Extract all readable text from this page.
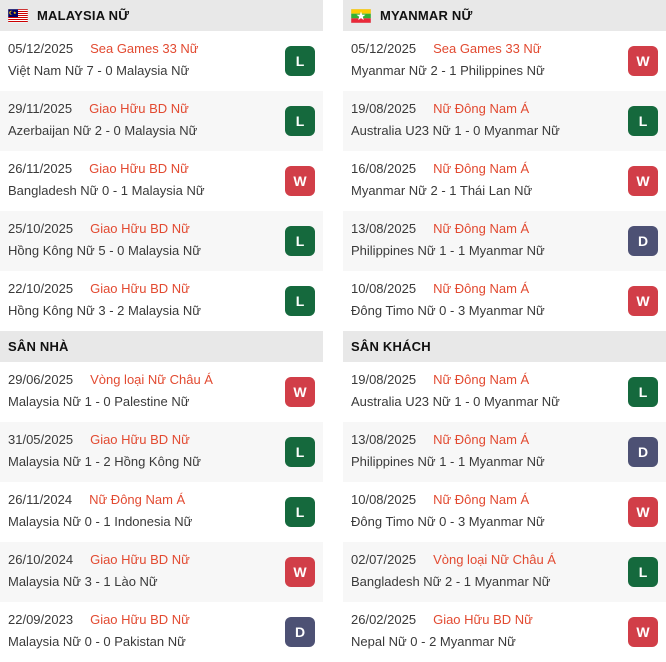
MALAYSIA NỮ
05/12/2025 Sea Games 33 Nữ
Việt Nam Nữ 7 - 0 Malaysia Nữ
L
29/11/2025 Giao Hữu BD Nữ
Azerbaijan Nữ 2 - 0 Malaysia Nữ
L
26/11/2025 Giao Hữu BD Nữ
Bangladesh Nữ 0 - 1 Malaysia Nữ
W
25/10/2025 Giao Hữu BD Nữ
Hồng Kông Nữ 5 - 0 Malaysia Nữ
L
22/10/2025 Giao Hữu BD Nữ
Hồng Kông Nữ 3 - 2 Malaysia Nữ
L
SÂN NHÀ
29/06/2025 Vòng loại Nữ Châu Á
Malaysia Nữ 1 - 0 Palestine Nữ
W
31/05/2025 Giao Hữu BD Nữ
Malaysia Nữ 1 - 2 Hồng Kông Nữ
L
26/11/2024 Nữ Đông Nam Á
Malaysia Nữ 0 - 1 Indonesia Nữ
L
26/10/2024 Giao Hữu BD Nữ
Malaysia Nữ 3 - 1 Lào Nữ
W
22/09/2023 Giao Hữu BD Nữ
Malaysia Nữ 0 - 0 Pakistan Nữ
D
MYANMAR NỮ
05/12/2025 Sea Games 33 Nữ
Myanmar Nữ 2 - 1 Philippines Nữ
W
19/08/2025 Nữ Đông Nam Á
Australia U23 Nữ 1 - 0 Myanmar Nữ
L
16/08/2025 Nữ Đông Nam Á
Myanmar Nữ 2 - 1 Thái Lan Nữ
W
13/08/2025 Nữ Đông Nam Á
Philippines Nữ 1 - 1 Myanmar Nữ
D
10/08/2025 Nữ Đông Nam Á
Đông Timo Nữ 0 - 3 Myanmar Nữ
W
SÂN KHÁCH
19/08/2025 Nữ Đông Nam Á
Australia U23 Nữ 1 - 0 Myanmar Nữ
L
13/08/2025 Nữ Đông Nam Á
Philippines Nữ 1 - 1 Myanmar Nữ
D
10/08/2025 Nữ Đông Nam Á
Đông Timo Nữ 0 - 3 Myanmar Nữ
W
02/07/2025 Vòng loại Nữ Châu Á
Bangladesh Nữ 2 - 1 Myanmar Nữ
L
26/02/2025 Giao Hữu BD Nữ
Nepal Nữ 0 - 2 Myanmar Nữ
W
